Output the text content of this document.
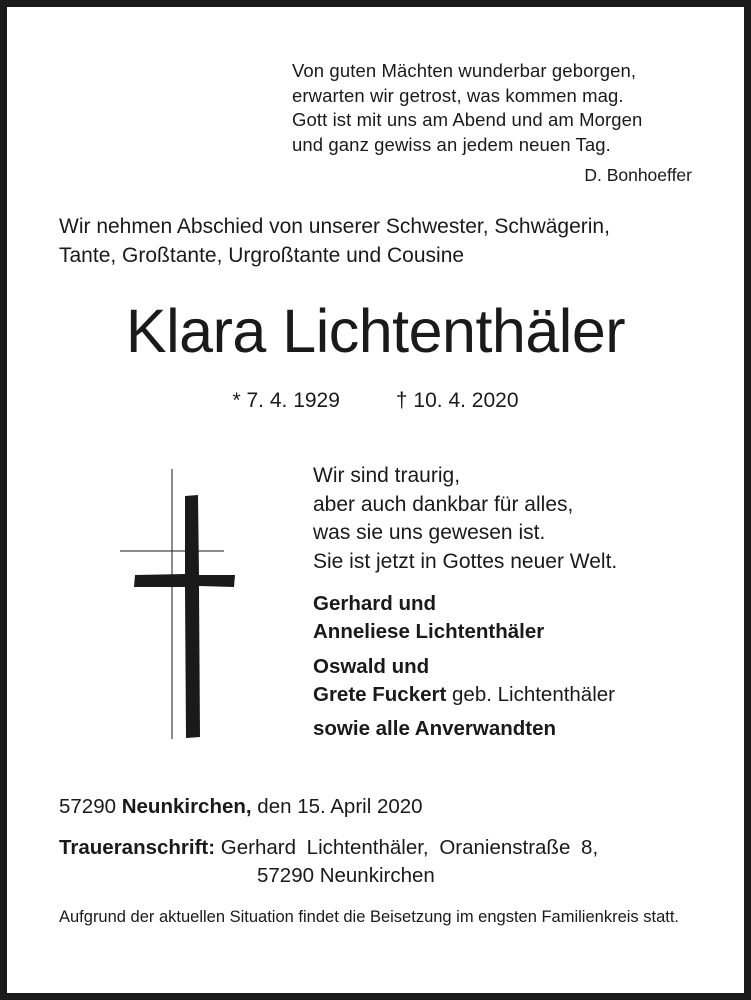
Von guten Mächten wunderbar geborgen,
erwarten wir getrost, was kommen mag.
Gott ist mit uns am Abend und am Morgen
und ganz gewiss an jedem neuen Tag.
D. Bonhoeffer
Wir nehmen Abschied von unserer Schwester, Schwägerin,
Tante, Großtante, Urgroßtante und Cousine
Klara Lichtenthäler
* 7. 4. 1929	† 10. 4. 2020
Wir sind traurig,
aber auch dankbar für alles,
was sie uns gewesen ist.
Sie ist jetzt in Gottes neuer Welt.
Gerhard und
Anneliese Lichtenthäler
Oswald und
Grete Fuckert geb. Lichtenthäler
sowie alle Anverwandten
57290 Neunkirchen, den 15. April 2020
Traueranschrift: Gerhard Lichtenthäler, Oranienstraße 8,
57290 Neunkirchen
Aufgrund der aktuellen Situation findet die Beisetzung im engsten Familienkreis statt.
